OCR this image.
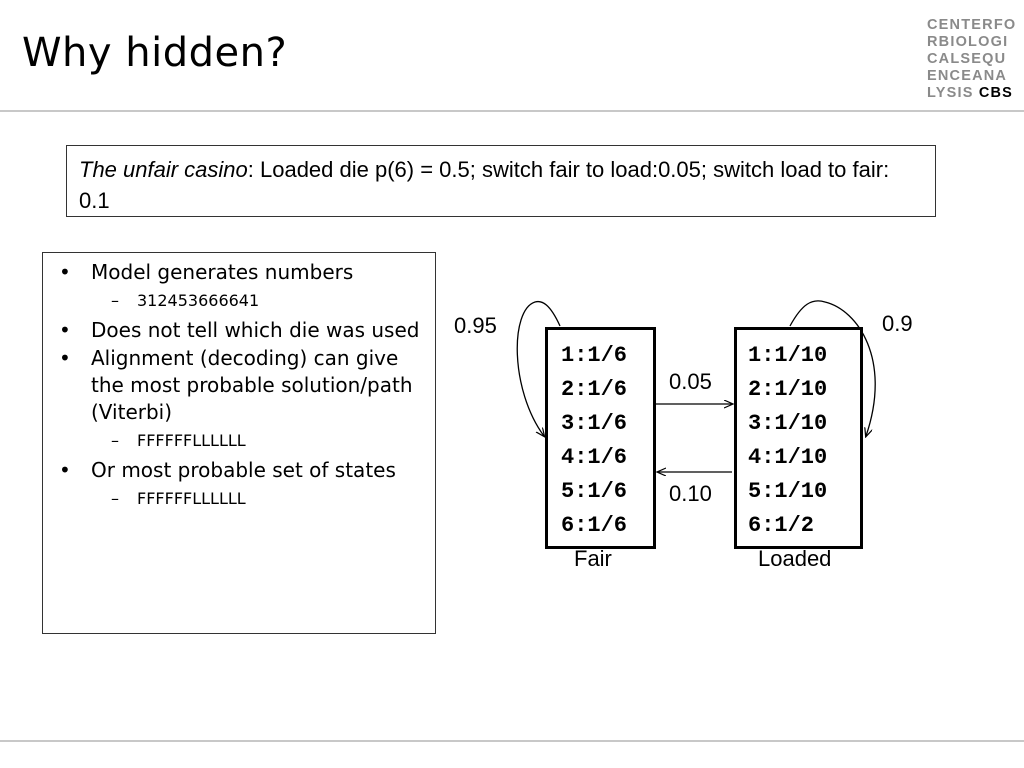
Why hidden?
CENTERFO
RBIOLOGI
CALSEQU
ENCEANA
LYSIS CBS
The unfair casino: Loaded die p(6) = 0.5; switch fair to load:0.05; switch load to fair: 0.1
• Model generates numbers
– 312453666641
• Does not tell which die was used
• Alignment (decoding) can give the most probable solution/path (Viterbi)
– FFFFFFLLLLLL
• Or most probable set of states
– FFFFFFLLLLLL
1:1/6
2:1/6
3:1/6
4:1/6
5:1/6
6:1/6
1:1/10
2:1/10
3:1/10
4:1/10
5:1/10
6:1/2
0.95	0.9
0.05
0.10
Fair	Loaded
